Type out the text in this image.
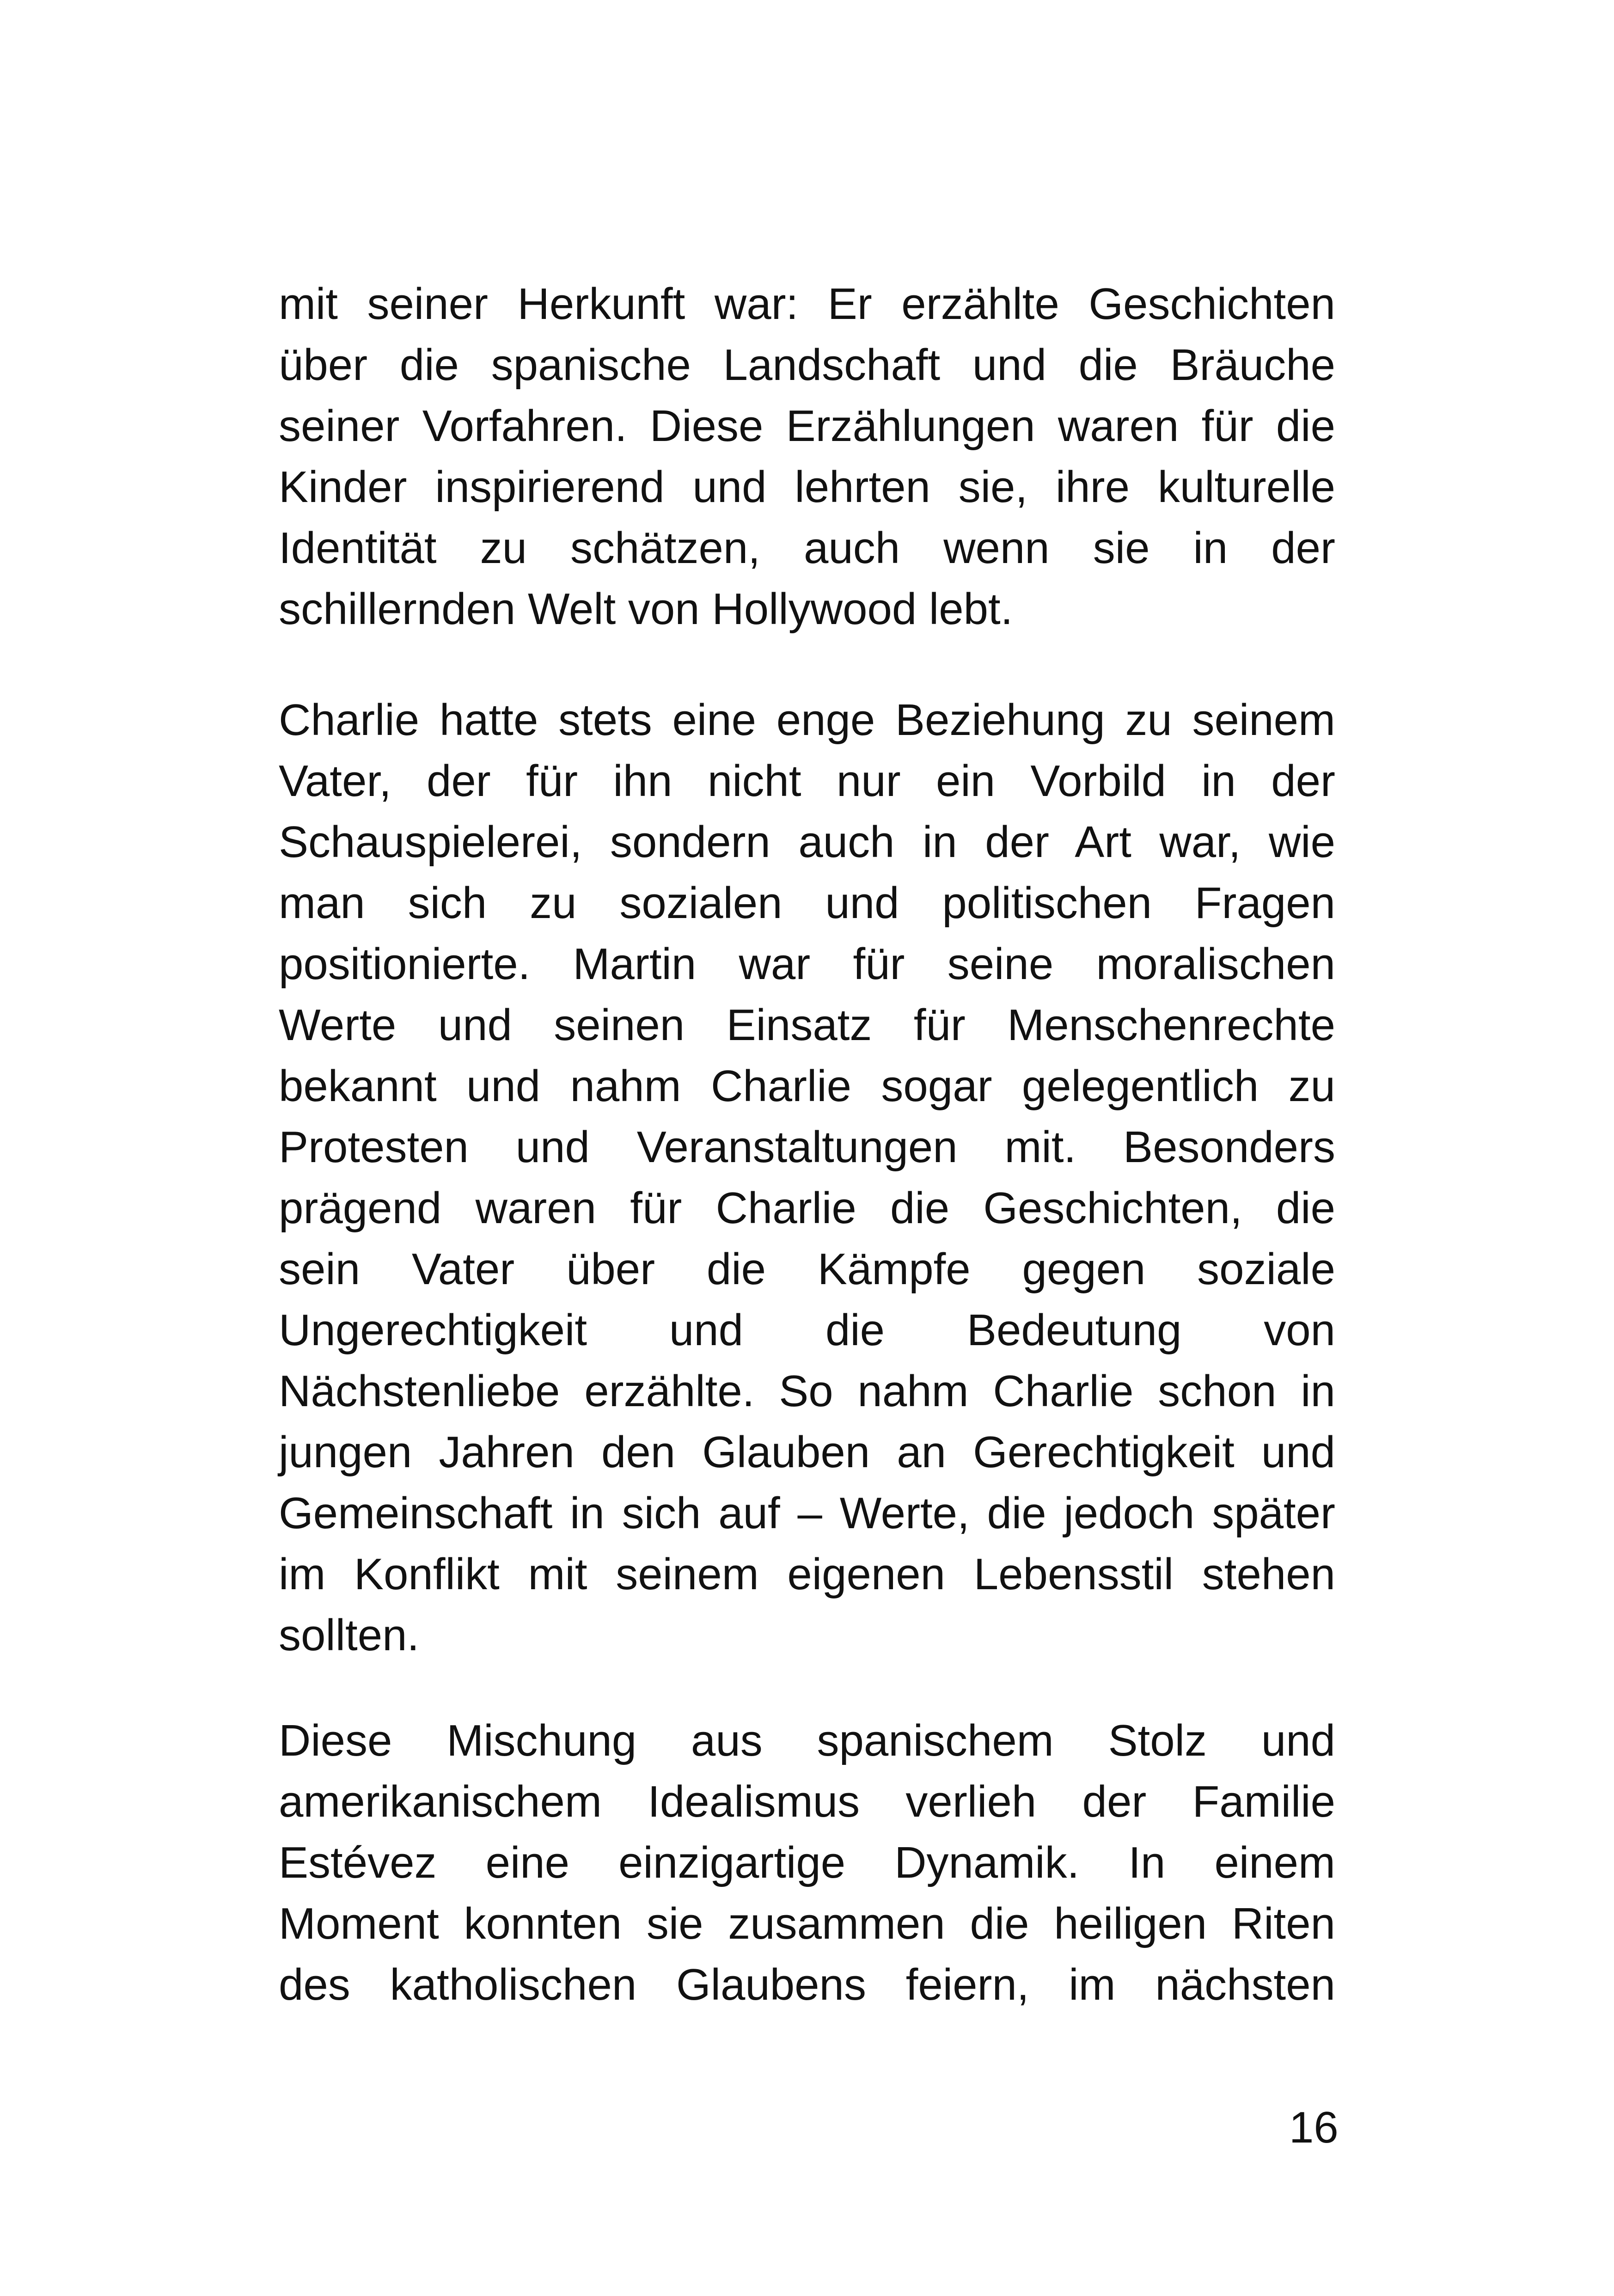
mit seiner Herkunft war: Er erzählte Geschichten
über die spanische Landschaft und die Bräuche
seiner Vorfahren. Diese Erzählungen waren für die
Kinder inspirierend und lehrten sie, ihre kulturelle
Identität zu schätzen, auch wenn sie in der
schillernden Welt von Hollywood lebt.
Charlie hatte stets eine enge Beziehung zu seinem
Vater, der für ihn nicht nur ein Vorbild in der
Schauspielerei, sondern auch in der Art war, wie
man sich zu sozialen und politischen Fragen
positionierte. Martin war für seine moralischen
Werte und seinen Einsatz für Menschenrechte
bekannt und nahm Charlie sogar gelegentlich zu
Protesten und Veranstaltungen mit. Besonders
prägend waren für Charlie die Geschichten, die
sein Vater über die Kämpfe gegen soziale
Ungerechtigkeit und die Bedeutung von
Nächstenliebe erzählte. So nahm Charlie schon in
jungen Jahren den Glauben an Gerechtigkeit und
Gemeinschaft in sich auf – Werte, die jedoch später
im Konflikt mit seinem eigenen Lebensstil stehen
sollten.
Diese Mischung aus spanischem Stolz und
amerikanischem Idealismus verlieh der Familie
Estévez eine einzigartige Dynamik. In einem
Moment konnten sie zusammen die heiligen Riten
des katholischen Glaubens feiern, im nächsten
16
